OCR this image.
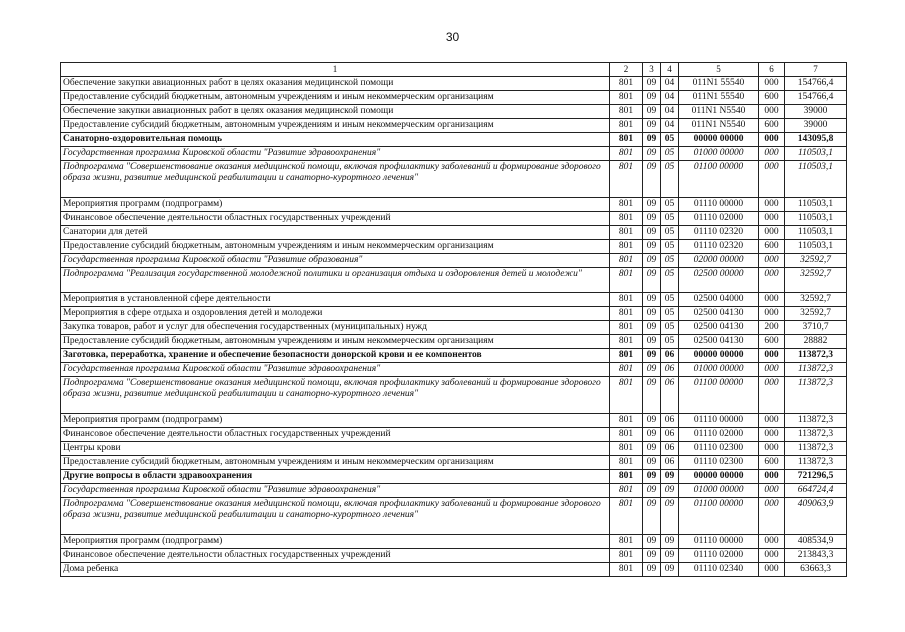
30
1	2	3	4	5	6	7
Обеспечение закупки авиационных работ в целях оказания медицинской помощи	801	09	04	011N1 55540	000	154766,4
Предоставление субсидий бюджетным, автономным учреждениям и иным некоммерческим организациям	801	09	04	011N1 55540	600	154766,4
Обеспечение закупки авиационных работ в целях оказания медицинской помощи	801	09	04	011N1 N5540	000	39000
Предоставление субсидий бюджетным, автономным учреждениям и иным некоммерческим организациям	801	09	04	011N1 N5540	600	39000
Санаторно-оздоровительная помощь	801	09	05	00000 00000	000	143095,8
Государственная программа Кировской области "Развитие здравоохранения"	801	09	05	01000 00000	000	110503,1
Подпрограмма "Совершенствование оказания медицинской помощи, включая профилактику заболеваний и формирование здорового образа жизни, развитие медицинской реабилитации и санаторно-курортного лечения"	801	09	05	01100 00000	000	110503,1
Мероприятия программ (подпрограмм)	801	09	05	01110 00000	000	110503,1
Финансовое обеспечение деятельности областных государственных учреждений	801	09	05	01110 02000	000	110503,1
Санатории для детей	801	09	05	01110 02320	000	110503,1
Предоставление субсидий бюджетным, автономным учреждениям и иным некоммерческим организациям	801	09	05	01110 02320	600	110503,1
Государственная программа Кировской области "Развитие образования"	801	09	05	02000 00000	000	32592,7
Подпрограмма "Реализация государственной молодежной политики и организация отдыха и оздоровления детей и молодежи"	801	09	05	02500 00000	000	32592,7
Мероприятия в установленной сфере деятельности	801	09	05	02500 04000	000	32592,7
Мероприятия в сфере отдыха и оздоровления детей и молодежи	801	09	05	02500 04130	000	32592,7
Закупка товаров, работ и услуг для обеспечения государственных (муниципальных) нужд	801	09	05	02500 04130	200	3710,7
Предоставление субсидий бюджетным, автономным учреждениям и иным некоммерческим организациям	801	09	05	02500 04130	600	28882
Заготовка, переработка, хранение и обеспечение безопасности донорской крови и ее компонентов	801	09	06	00000 00000	000	113872,3
Государственная программа Кировской области "Развитие здравоохранения"	801	09	06	01000 00000	000	113872,3
Подпрограмма "Совершенствование оказания медицинской помощи, включая профилактику заболеваний и формирование здорового образа жизни, развитие медицинской реабилитации и санаторно-курортного лечения"	801	09	06	01100 00000	000	113872,3
Мероприятия программ (подпрограмм)	801	09	06	01110 00000	000	113872,3
Финансовое обеспечение деятельности областных государственных учреждений	801	09	06	01110 02000	000	113872,3
Центры крови	801	09	06	01110 02300	000	113872,3
Предоставление субсидий бюджетным, автономным учреждениям и иным некоммерческим организациям	801	09	06	01110 02300	600	113872,3
Другие вопросы в области здравоохранения	801	09	09	00000 00000	000	721296,5
Государственная программа Кировской области "Развитие здравоохранения"	801	09	09	01000 00000	000	664724,4
Подпрограмма "Совершенствование оказания медицинской помощи, включая профилактику заболеваний и формирование здорового образа жизни, развитие медицинской реабилитации и санаторно-курортного лечения"	801	09	09	01100 00000	000	409063,9
Мероприятия программ (подпрограмм)	801	09	09	01110 00000	000	408534,9
Финансовое обеспечение деятельности областных государственных учреждений	801	09	09	01110 02000	000	213843,3
Дома ребенка	801	09	09	01110 02340	000	63663,3
